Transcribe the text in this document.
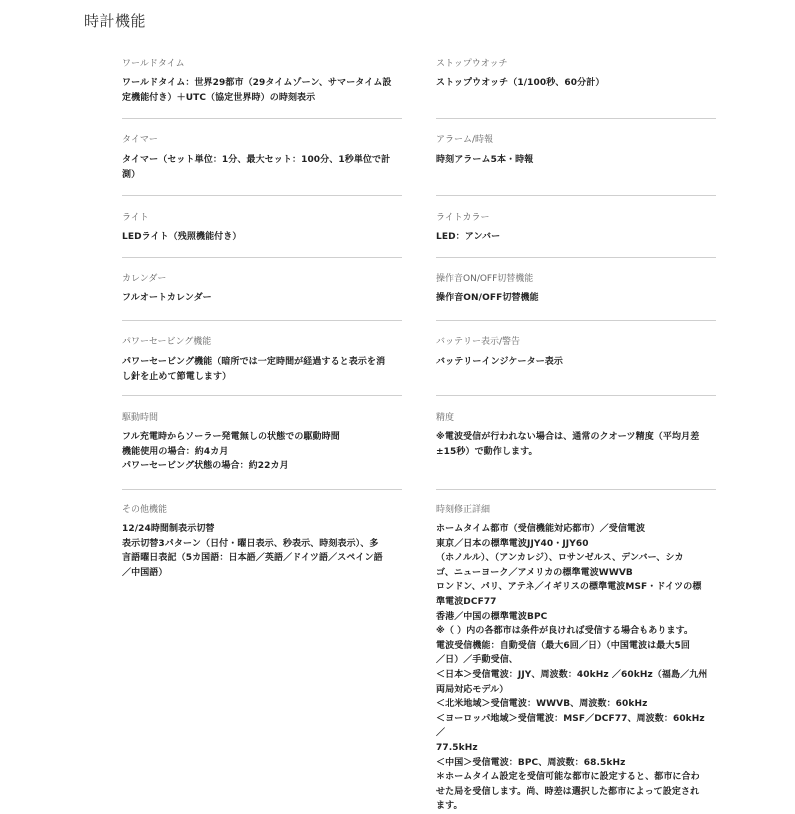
時計機能
ワールドタイム
ワールドタイム：世界29都市（29タイムゾーン、サマータイム設
定機能付き）＋UTC（協定世界時）の時刻表示
タイマー
タイマー（セット単位：1分、最大セット：100分、1秒単位で計
測）
ライト
LEDライト（残照機能付き）
カレンダー
フルオートカレンダー
パワーセービング機能
パワーセービング機能（暗所では一定時間が経過すると表示を消
し針を止めて節電します）
駆動時間
フル充電時からソーラー発電無しの状態での駆動時間
機能使用の場合：約4カ月
パワーセービング状態の場合：約22カ月
その他機能
12/24時間制表示切替
表示切替3パターン（日付・曜日表示、秒表示、時刻表示）、多
言語曜日表記（5カ国語：日本語／英語／ドイツ語／スペイン語
／中国語）
ストップウオッチ
ストップウオッチ（1/100秒、60分計）
アラーム/時報
時刻アラーム5本・時報
ライトカラー
LED：アンバー
操作音ON/OFF切替機能
操作音ON/OFF切替機能
バッテリー表示/警告
バッテリーインジケーター表示
精度
※電波受信が行われない場合は、通常のクオーツ精度（平均月差
±15秒）で動作します。
時刻修正詳細
ホームタイム都市（受信機能対応都市）／受信電波
東京／日本の標準電波JJY40・JJY60
（ホノルル）、（アンカレジ）、ロサンゼルス、デンバー、シカ
ゴ、ニューヨーク／アメリカの標準電波WWVB
ロンドン、パリ、アテネ／イギリスの標準電波MSF・ドイツの標
準電波DCF77
香港／中国の標準電波BPC
※（ ）内の各都市は条件が良ければ受信する場合もあります。
電波受信機能：自動受信（最大6回／日）（中国電波は最大5回
／日）／手動受信、
＜日本＞受信電波：JJY、周波数：40kHz ／60kHz（福島／九州
両局対応モデル）
＜北米地域＞受信電波：WWVB、周波数：60kHz
＜ヨーロッパ地域＞受信電波：MSF／DCF77、周波数：60kHz ／
77.5kHz
＜中国＞受信電波：BPC、周波数：68.5kHz
＊ホームタイム設定を受信可能な都市に設定すると、都市に合わ
せた局を受信します。尚、時差は選択した都市によって設定され
ます。
